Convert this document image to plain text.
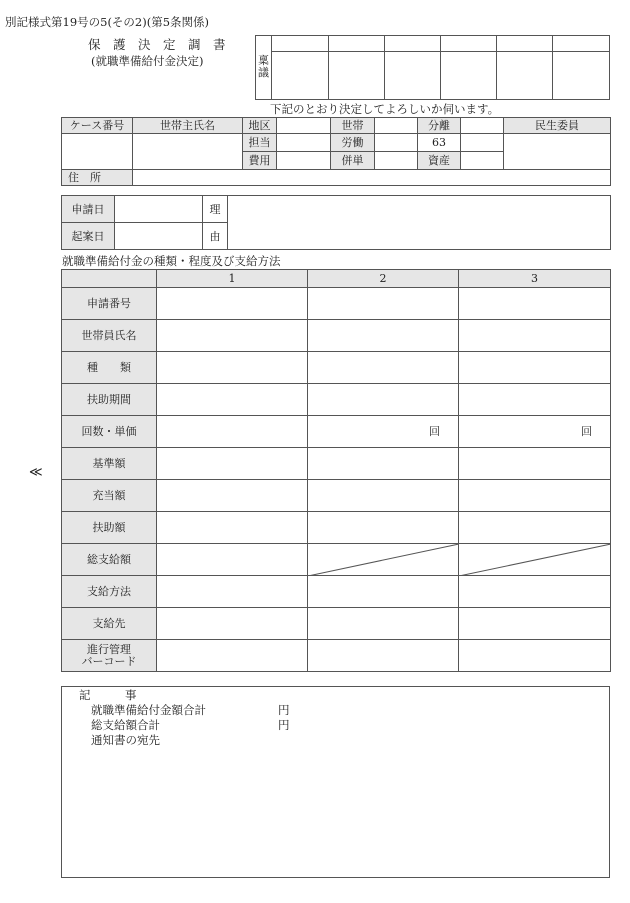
別記様式第19号の5(その2)(第5条関係)
保　護　決　定　調　書
(就職準備給付金決定)	稟議
下記のとおり決定してよろしいか伺います。
ケース番号	世帯主氏名	地区		世帯		分離		民生委員
		担当		労働		63		
		費用		併単		資産		
住　所								
申請日		理	
起案日		由	
就職準備給付金の種類・程度及び支給方法
	1	2	3
申請番号			
世帯員氏名			
種　　類			
扶助期間			
回数・単価		回	回
基準額			
充当額			
扶助額			
総支給額		

支給方法			
支給先			
進行管理
バーコード			
≪
記　　　事
就職準備給付金額合計	円
総支給額合計	円
通知書の宛先
